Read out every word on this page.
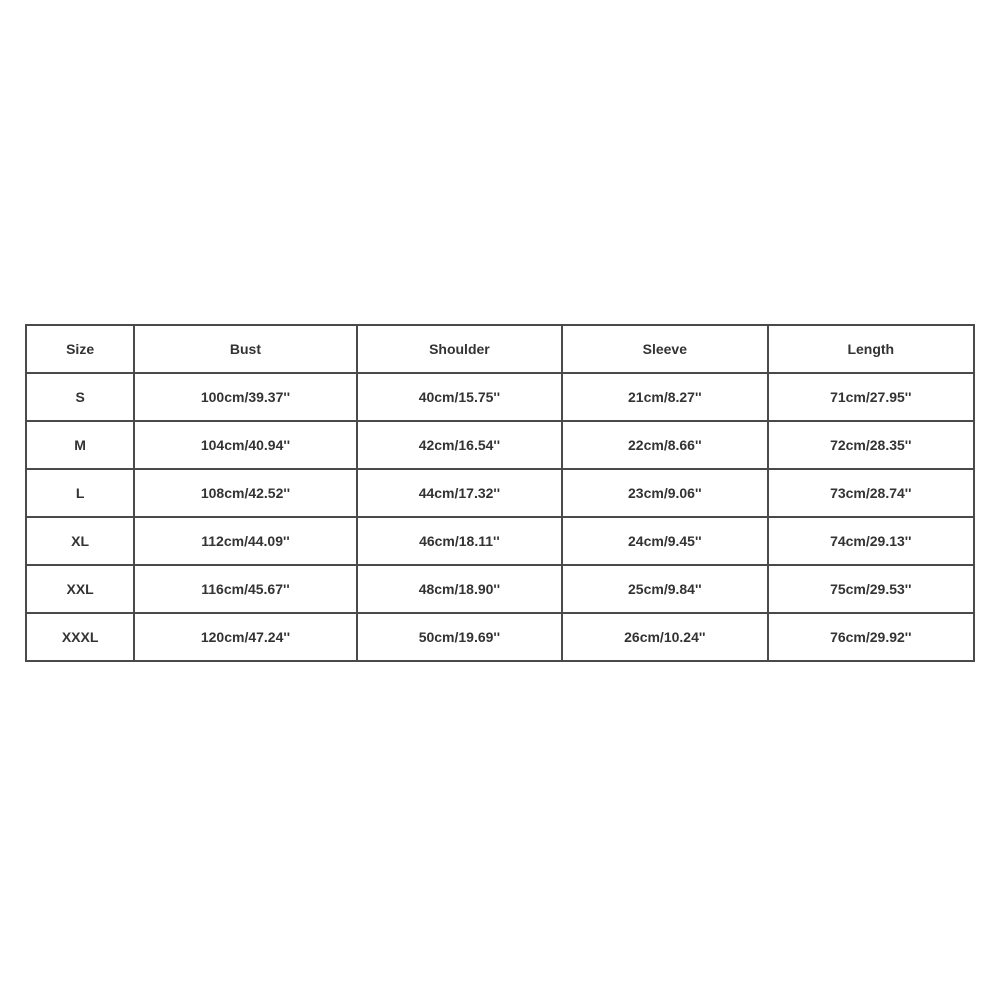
Size	Bust	Shoulder	Sleeve	Length
S	100cm/39.37''	40cm/15.75''	21cm/8.27''	71cm/27.95''
M	104cm/40.94''	42cm/16.54''	22cm/8.66''	72cm/28.35''
L	108cm/42.52''	44cm/17.32''	23cm/9.06''	73cm/28.74''
XL	112cm/44.09''	46cm/18.11''	24cm/9.45''	74cm/29.13''
XXL	116cm/45.67''	48cm/18.90''	25cm/9.84''	75cm/29.53''
XXXL	120cm/47.24''	50cm/19.69''	26cm/10.24''	76cm/29.92''
